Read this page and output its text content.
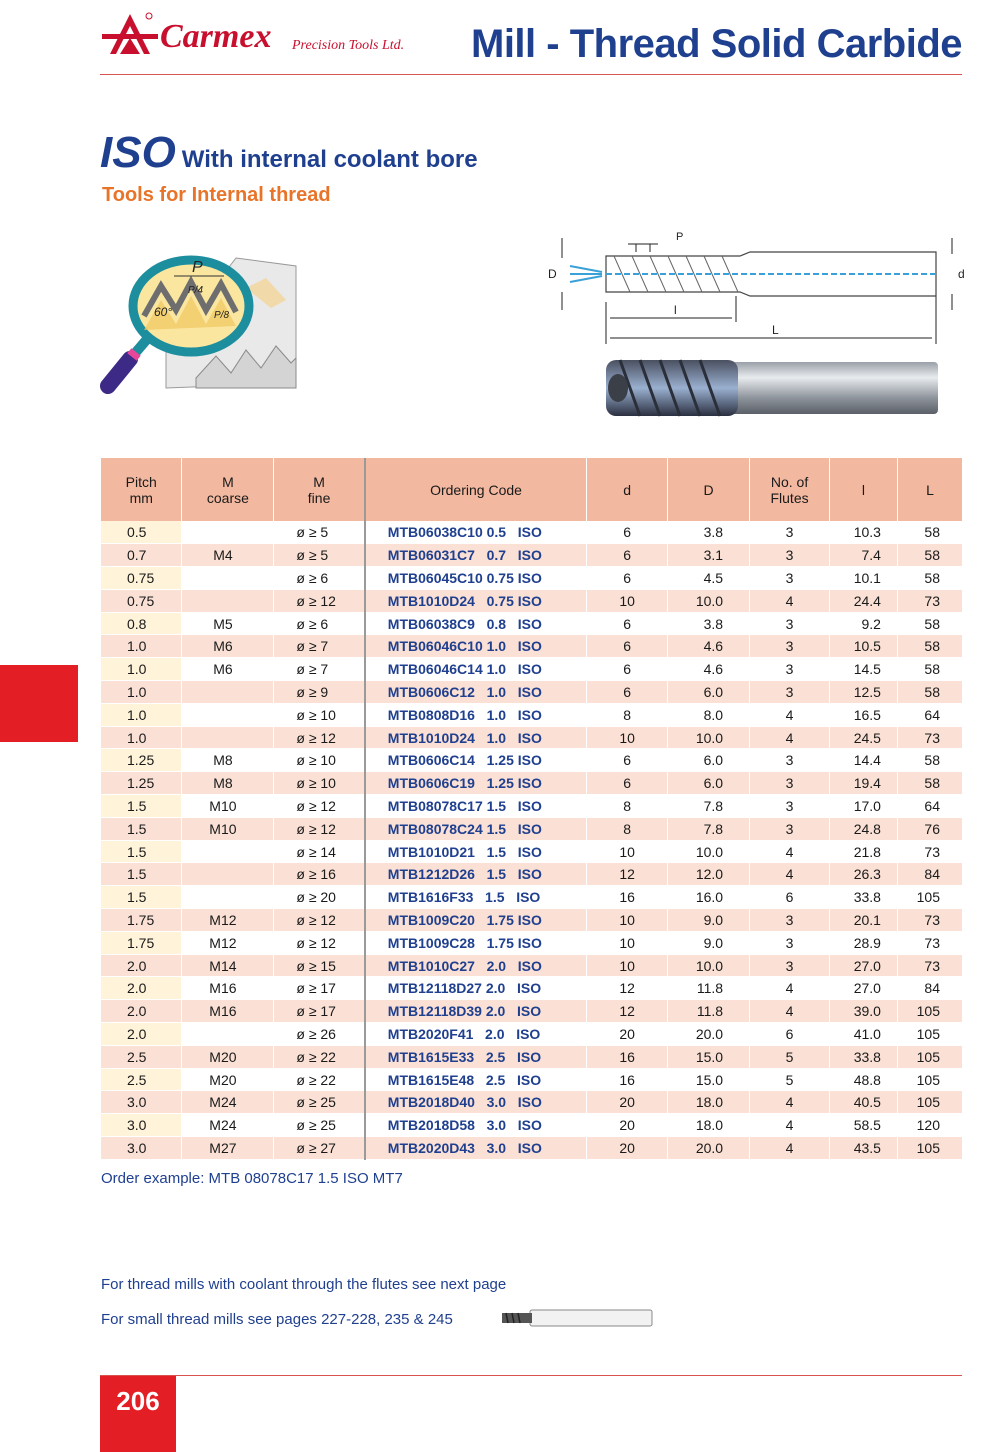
Carmex Precision Tools Ltd. Mill - Thread Solid Carbide
ISO With internal coolant bore
Tools for Internal thread
P
P/4
P/8
60°
D	d
l
L
P
Pitch
mm	M
coarse	M
fine	Ordering Code	d	D	No. of
Flutes	l	L
0.5		ø ≥ 5	MTB06038C10 0.5   ISO	6	3.8	3	10.3	58
0.7	M4	ø ≥ 5	MTB06031C7   0.7   ISO	6	3.1	3	7.4	58
0.75		ø ≥ 6	MTB06045C10 0.75 ISO	6	4.5	3	10.1	58
0.75		ø ≥ 12	MTB1010D24   0.75 ISO	10	10.0	4	24.4	73
0.8	M5	ø ≥ 6	MTB06038C9   0.8   ISO	6	3.8	3	9.2	58
1.0	M6	ø ≥ 7	MTB06046C10 1.0   ISO	6	4.6	3	10.5	58
1.0	M6	ø ≥ 7	MTB06046C14 1.0   ISO	6	4.6	3	14.5	58
1.0		ø ≥ 9	MTB0606C12   1.0   ISO	6	6.0	3	12.5	58
1.0		ø ≥ 10	MTB0808D16   1.0   ISO	8	8.0	4	16.5	64
1.0		ø ≥ 12	MTB1010D24   1.0   ISO	10	10.0	4	24.5	73
1.25	M8	ø ≥ 10	MTB0606C14   1.25 ISO	6	6.0	3	14.4	58
1.25	M8	ø ≥ 10	MTB0606C19   1.25 ISO	6	6.0	3	19.4	58
1.5	M10	ø ≥ 12	MTB08078C17 1.5   ISO	8	7.8	3	17.0	64
1.5	M10	ø ≥ 12	MTB08078C24 1.5   ISO	8	7.8	3	24.8	76
1.5		ø ≥ 14	MTB1010D21   1.5   ISO	10	10.0	4	21.8	73
1.5		ø ≥ 16	MTB1212D26   1.5   ISO	12	12.0	4	26.3	84
1.5		ø ≥ 20	MTB1616F33   1.5   ISO	16	16.0	6	33.8	105
1.75	M12	ø ≥ 12	MTB1009C20   1.75 ISO	10	9.0	3	20.1	73
1.75	M12	ø ≥ 12	MTB1009C28   1.75 ISO	10	9.0	3	28.9	73
2.0	M14	ø ≥ 15	MTB1010C27   2.0   ISO	10	10.0	3	27.0	73
2.0	M16	ø ≥ 17	MTB12118D27 2.0   ISO	12	11.8	4	27.0	84
2.0	M16	ø ≥ 17	MTB12118D39 2.0   ISO	12	11.8	4	39.0	105
2.0		ø ≥ 26	MTB2020F41   2.0   ISO	20	20.0	6	41.0	105
2.5	M20	ø ≥ 22	MTB1615E33   2.5   ISO	16	15.0	5	33.8	105
2.5	M20	ø ≥ 22	MTB1615E48   2.5   ISO	16	15.0	5	48.8	105
3.0	M24	ø ≥ 25	MTB2018D40   3.0   ISO	20	18.0	4	40.5	105
3.0	M24	ø ≥ 25	MTB2018D58   3.0   ISO	20	18.0	4	58.5	120
3.0	M27	ø ≥ 27	MTB2020D43   3.0   ISO	20	20.0	4	43.5	105
Order example: MTB 08078C17 1.5 ISO MT7
For thread mills with coolant through the flutes see next page
For small thread mills see pages 227-228, 235 & 245
206
